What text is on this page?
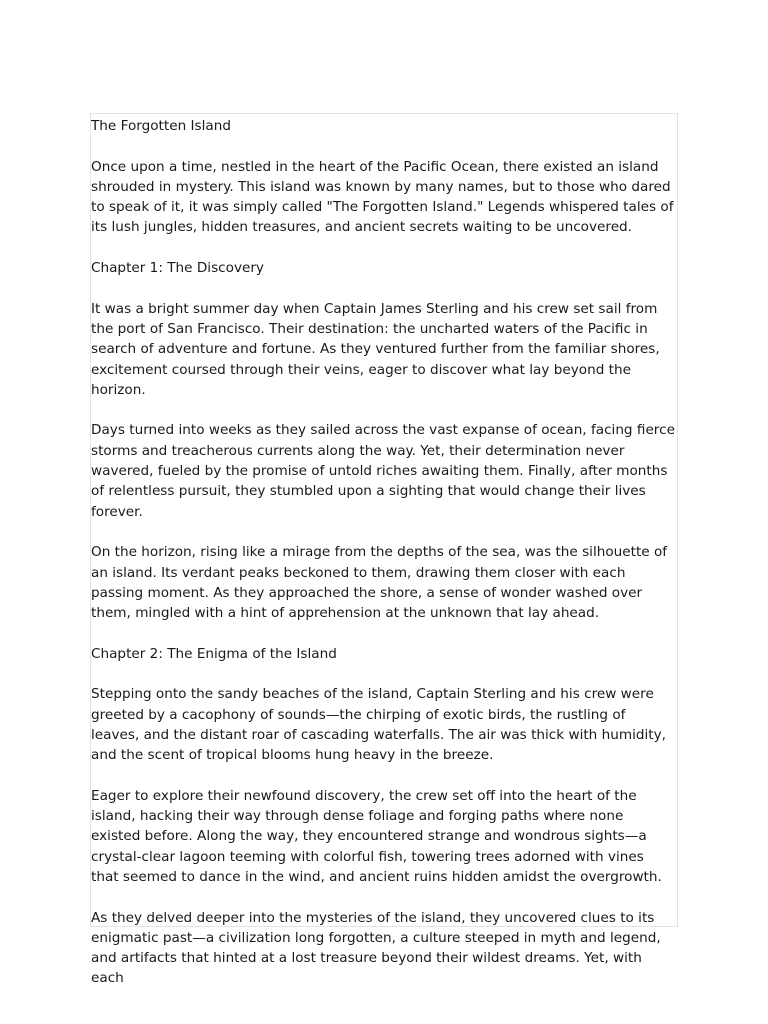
The Forgotten Island

Once upon a time, nestled in the heart of the Pacific Ocean, there existed an island shrouded in mystery. This island was known by many names, but to those who dared to speak of it, it was simply called "The Forgotten Island." Legends whispered tales of its lush jungles, hidden treasures, and ancient secrets waiting to be uncovered.

Chapter 1: The Discovery

It was a bright summer day when Captain James Sterling and his crew set sail from the port of San Francisco. Their destination: the uncharted waters of the Pacific in search of adventure and fortune. As they ventured further from the familiar shores, excitement coursed through their veins, eager to discover what lay beyond the horizon.

Days turned into weeks as they sailed across the vast expanse of ocean, facing fierce storms and treacherous currents along the way. Yet, their determination never wavered, fueled by the promise of untold riches awaiting them. Finally, after months of relentless pursuit, they stumbled upon a sighting that would change their lives forever.

On the horizon, rising like a mirage from the depths of the sea, was the silhouette of an island. Its verdant peaks beckoned to them, drawing them closer with each passing moment. As they approached the shore, a sense of wonder washed over them, mingled with a hint of apprehension at the unknown that lay ahead.

Chapter 2: The Enigma of the Island

Stepping onto the sandy beaches of the island, Captain Sterling and his crew were greeted by a cacophony of sounds—the chirping of exotic birds, the rustling of leaves, and the distant roar of cascading waterfalls. The air was thick with humidity, and the scent of tropical blooms hung heavy in the breeze.

Eager to explore their newfound discovery, the crew set off into the heart of the island, hacking their way through dense foliage and forging paths where none existed before. Along the way, they encountered strange and wondrous sights—a crystal-clear lagoon teeming with colorful fish, towering trees adorned with vines that seemed to dance in the wind, and ancient ruins hidden amidst the overgrowth.

As they delved deeper into the mysteries of the island, they uncovered clues to its enigmatic past—a civilization long forgotten, a culture steeped in myth and legend, and artifacts that hinted at a lost treasure beyond their wildest dreams. Yet, with each
